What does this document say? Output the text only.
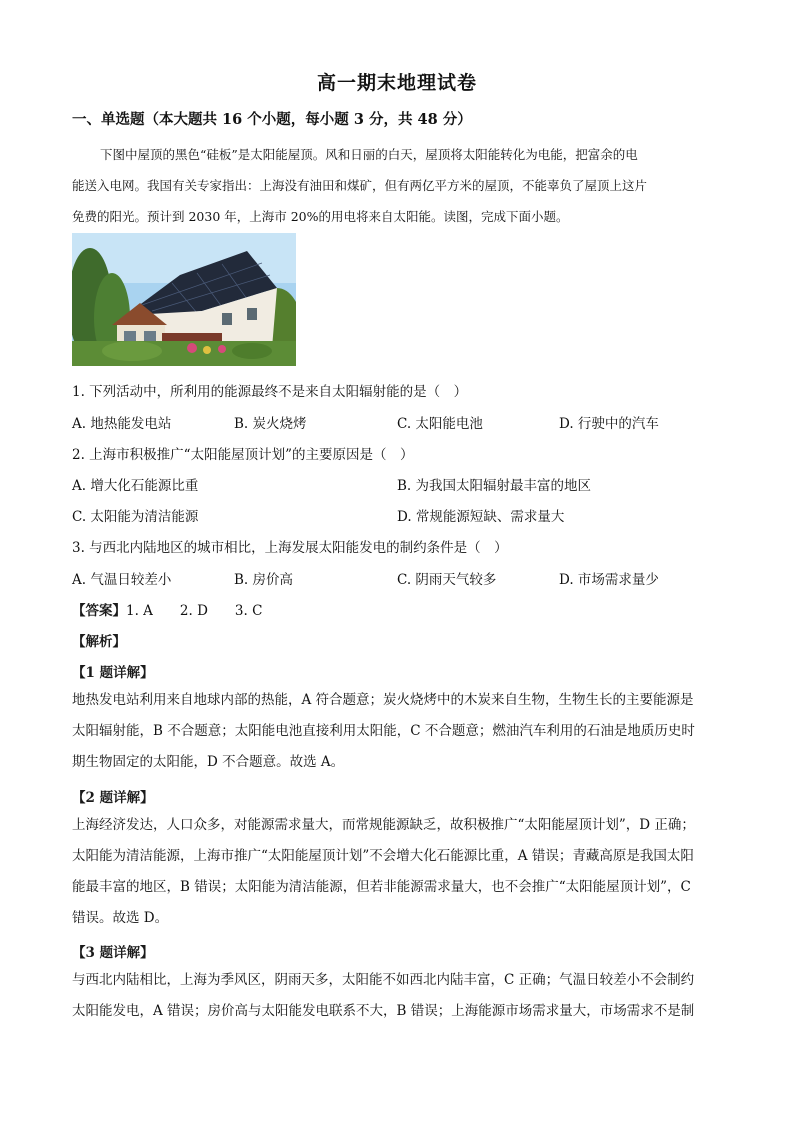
高一期末地理试卷
一、单选题（本大题共 16 个小题，每小题 3 分，共 48 分）
下图中屋顶的黑色“硅板”是太阳能屋顶。风和日丽的白天，屋顶将太阳能转化为电能，把富余的电
能送入电网。我国有关专家指出：上海没有油田和煤矿，但有两亿平方米的屋顶，不能辜负了屋顶上这片
免费的阳光。预计到 2030 年，上海市 20%的用电将来自太阳能。读图，完成下面小题。
1. 下列活动中，所利用的能源最终不是来自太阳辐射能的是（　）
A. 地热能发电站	B. 炭火烧烤	C. 太阳能电池	D. 行驶中的汽车
2. 上海市积极推广“太阳能屋顶计划”的主要原因是（　）
A. 增大化石能源比重	B. 为我国太阳辐射最丰富的地区
C. 太阳能为清洁能源	D. 常规能源短缺、需求量大
3. 与西北内陆地区的城市相比，上海发展太阳能发电的制约条件是（　）
A. 气温日较差小	B. 房价高	C. 阴雨天气较多	D. 市场需求量少
【答案】1. A　　2. D　　3. C
【解析】
【1 题详解】
地热发电站利用来自地球内部的热能，A 符合题意；炭火烧烤中的木炭来自生物，生物生长的主要能源是
太阳辐射能，B 不合题意；太阳能电池直接利用太阳能，C 不合题意；燃油汽车利用的石油是地质历史时
期生物固定的太阳能，D 不合题意。故选 A。
【2 题详解】
上海经济发达，人口众多，对能源需求量大，而常规能源缺乏，故积极推广“太阳能屋顶计划”，D 正确；
太阳能为清洁能源，上海市推广“太阳能屋顶计划”不会增大化石能源比重，A 错误；青藏高原是我国太阳
能最丰富的地区，B 错误；太阳能为清洁能源，但若非能源需求量大，也不会推广“太阳能屋顶计划”，C
错误。故选 D。
【3 题详解】
与西北内陆相比，上海为季风区，阴雨天多，太阳能不如西北内陆丰富，C 正确；气温日较差小不会制约
太阳能发电，A 错误；房价高与太阳能发电联系不大，B 错误；上海能源市场需求量大，市场需求不是制
